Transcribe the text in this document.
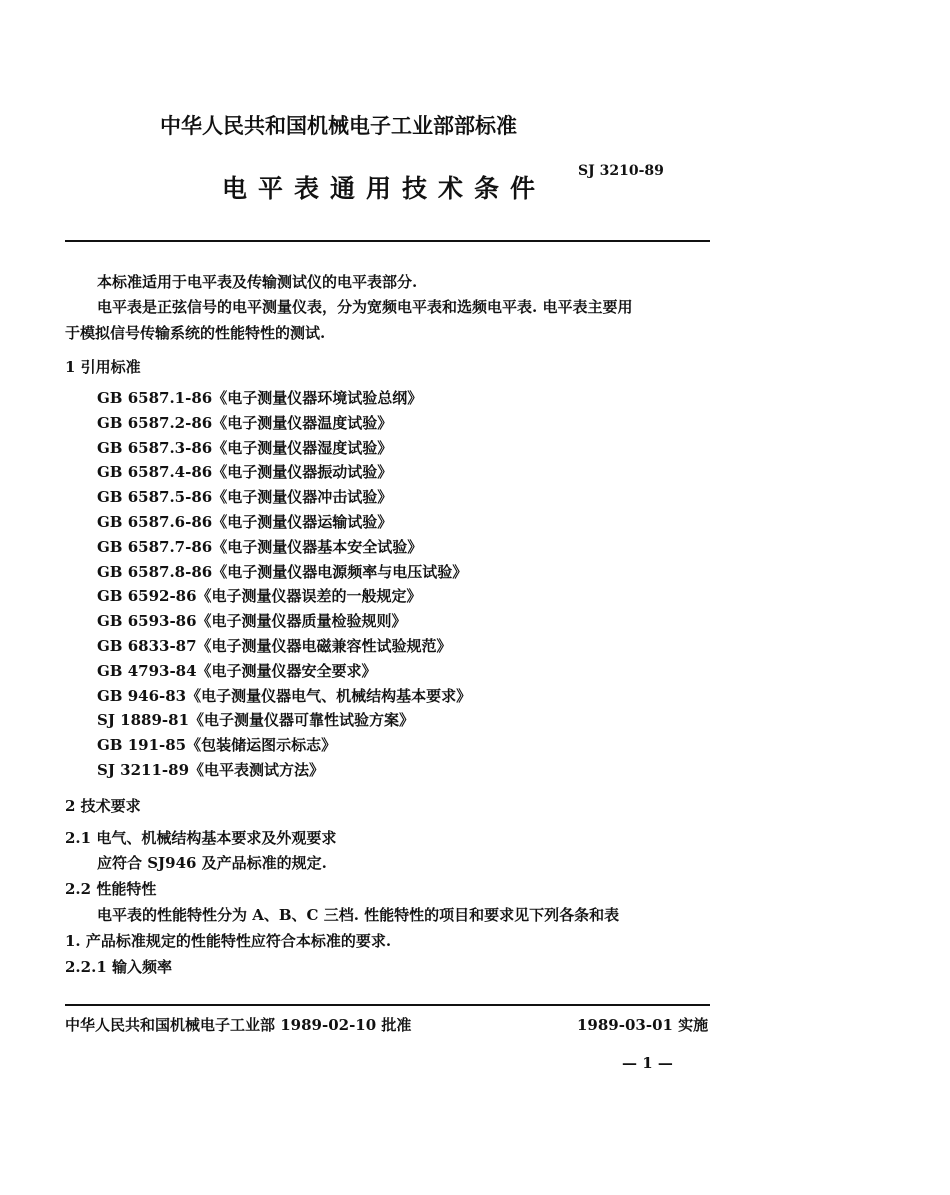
中华人民共和国机械电子工业部部标准
SJ 3210-89
电平表通用技术条件
本标准适用于电平表及传输测试仪的电平表部分.
电平表是正弦信号的电平测量仪表，分为宽频电平表和选频电平表. 电平表主要用
于模拟信号传输系统的性能特性的测试.
1 引用标准
GB 6587.1-86《电子测量仪器环境试验总纲》
GB 6587.2-86《电子测量仪器温度试验》
GB 6587.3-86《电子测量仪器湿度试验》
GB 6587.4-86《电子测量仪器振动试验》
GB 6587.5-86《电子测量仪器冲击试验》
GB 6587.6-86《电子测量仪器运输试验》
GB 6587.7-86《电子测量仪器基本安全试验》
GB 6587.8-86《电子测量仪器电源频率与电压试验》
GB 6592-86《电子测量仪器误差的一般规定》
GB 6593-86《电子测量仪器质量检验规则》
GB 6833-87《电子测量仪器电磁兼容性试验规范》
GB 4793-84《电子测量仪器安全要求》
GB 946-83《电子测量仪器电气、机械结构基本要求》
SJ 1889-81《电子测量仪器可靠性试验方案》
GB 191-85《包装储运图示标志》
SJ 3211-89《电平表测试方法》
2 技术要求
2.1 电气、机械结构基本要求及外观要求
应符合 SJ946 及产品标准的规定.
2.2 性能特性
电平表的性能特性分为 A、B、C 三档. 性能特性的项目和要求见下列各条和表
1. 产品标准规定的性能特性应符合本标准的要求.
2.2.1 输入频率
中华人民共和国机械电子工业部 1989-02-10 批准	1989-03-01 实施
— 1 —
